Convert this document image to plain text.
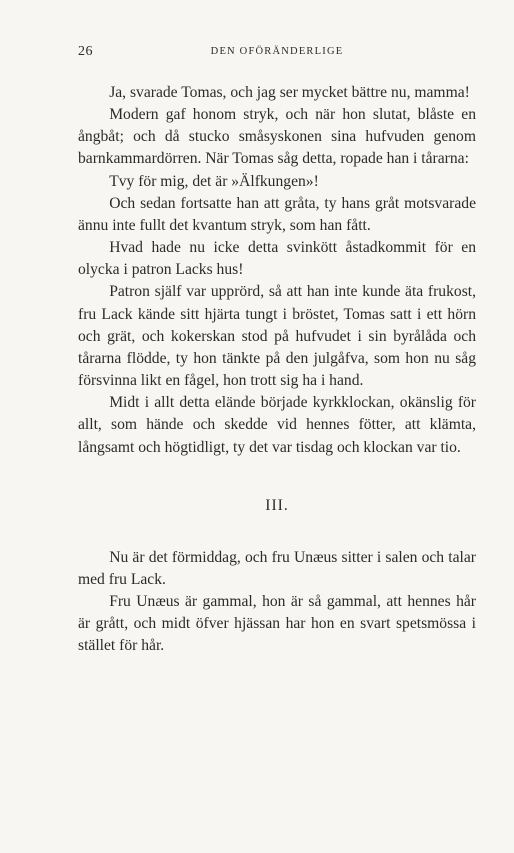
26	DEN OFÖRÄNDERLIGE

Ja, svarade Tomas, och jag ser mycket bättre nu, mamma!

Modern gaf honom stryk, och när hon slutat, blåste en ångbåt; och då stucko småsyskonen sina hufvuden genom barnkammardörren. När Tomas såg detta, ropade han i tårarna:

Tvy för mig, det är »Älfkungen»!

Och sedan fortsatte han att gråta, ty hans gråt motsvarade ännu inte fullt det kvantum stryk, som han fått.

Hvad hade nu icke detta svinkött åstadkommit för en olycka i patron Lacks hus!

Patron själf var upprörd, så att han inte kunde äta frukost, fru Lack kände sitt hjärta tungt i bröstet, Tomas satt i ett hörn och grät, och kokerskan stod på hufvudet i sin byrålåda och tårarna flödde, ty hon tänkte på den julgåfva, som hon nu såg försvinna likt en fågel, hon trott sig ha i hand.

Midt i allt detta elände började kyrkklockan, okänslig för allt, som hände och skedde vid hennes fötter, att klämta, långsamt och högtidligt, ty det var tisdag och klockan var tio.

III.

Nu är det förmiddag, och fru Unæus sitter i salen och talar med fru Lack.

Fru Unæus är gammal, hon är så gammal, att hennes hår är grått, och midt öfver hjässan har hon en svart spetsmössa i stället för hår.
